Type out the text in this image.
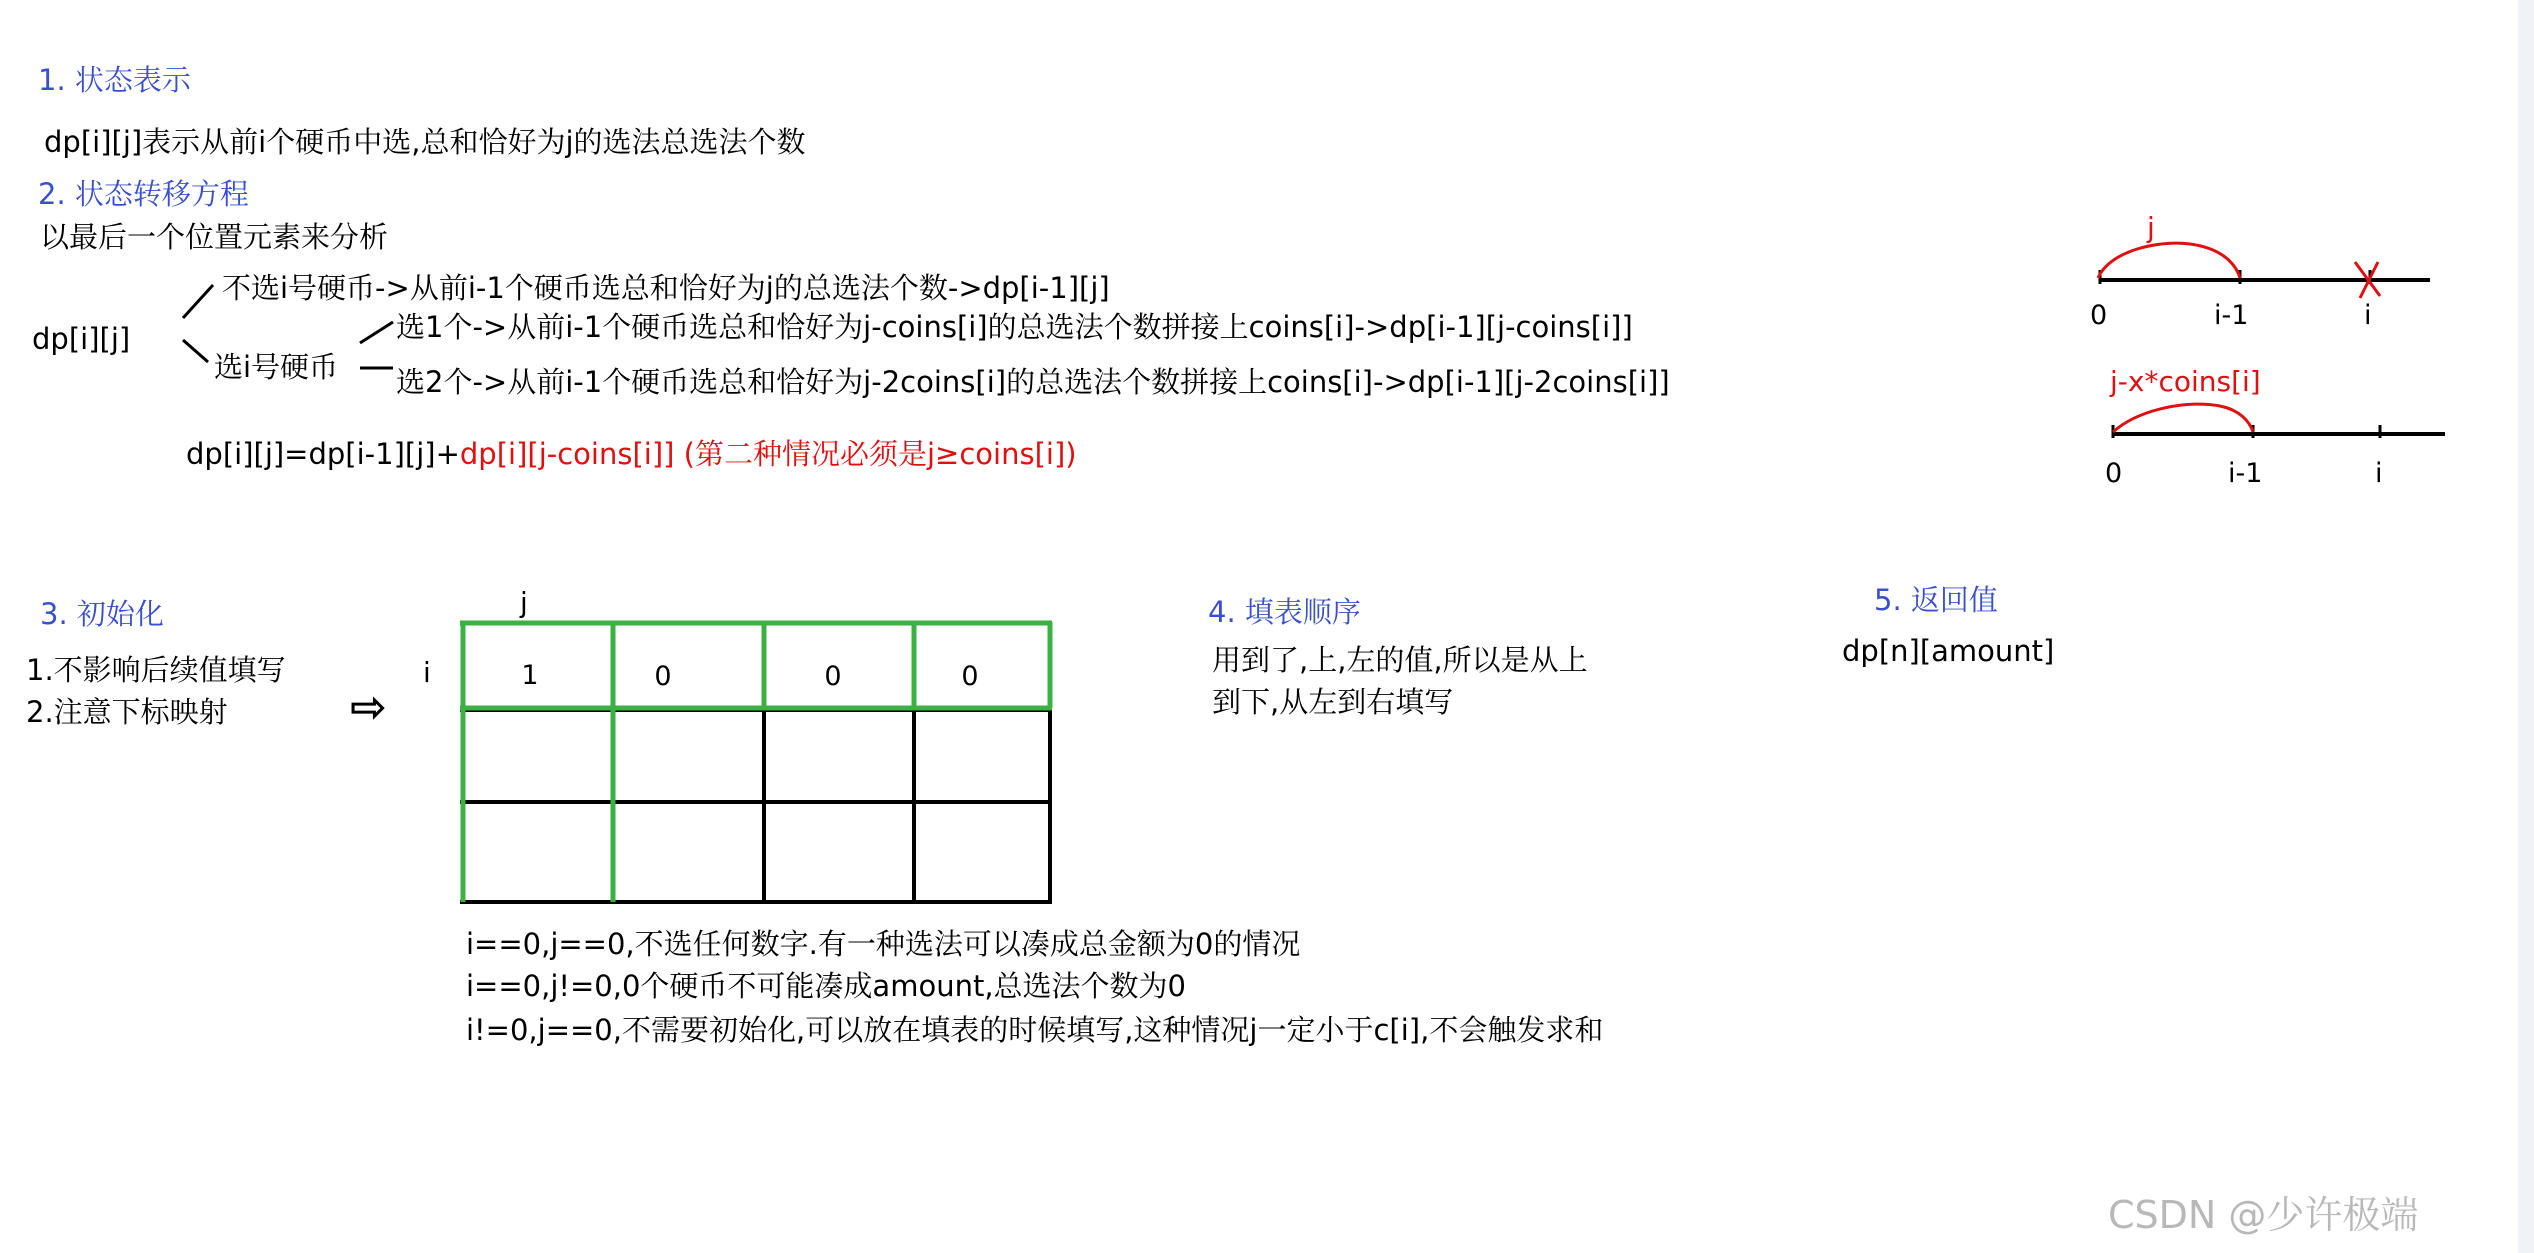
1. 状态表示
dp[i][j]表示从前i个硬币中选,总和恰好为j的选法总选法个数
2. 状态转移方程
以最后一个位置元素来分析
dp[i][j]
不选i号硬币->从前i-1个硬币选总和恰好为j的总选法个数->dp[i-1][j]
选i号硬币
选1个->从前i-1个硬币选总和恰好为j-coins[i]的总选法个数拼接上coins[i]->dp[i-1][j-coins[i]]
选2个->从前i-1个硬币选总和恰好为j-2coins[i]的总选法个数拼接上coins[i]->dp[i-1][j-2coins[i]]
dp[i][j]=dp[i-1][j]+dp[i][j-coins[i]] (第二种情况必须是j≥coins[i])
j
0	i-1	i
j-x*coins[i]
0	i-1	i
3. 初始化
1.不影响后续值填写
2.注意下标映射	⇨
j
i	1	0	0	0
i==0,j==0,不选任何数字.有一种选法可以凑成总金额为0的情况
i==0,j!=0,0个硬币不可能凑成amount,总选法个数为0
i!=0,j==0,不需要初始化,可以放在填表的时候填写,这种情况j一定小于c[i],不会触发求和
4. 填表顺序
用到了,上,左的值,所以是从上
到下,从左到右填写
5. 返回值
dp[n][amount]
CSDN @少许极端
